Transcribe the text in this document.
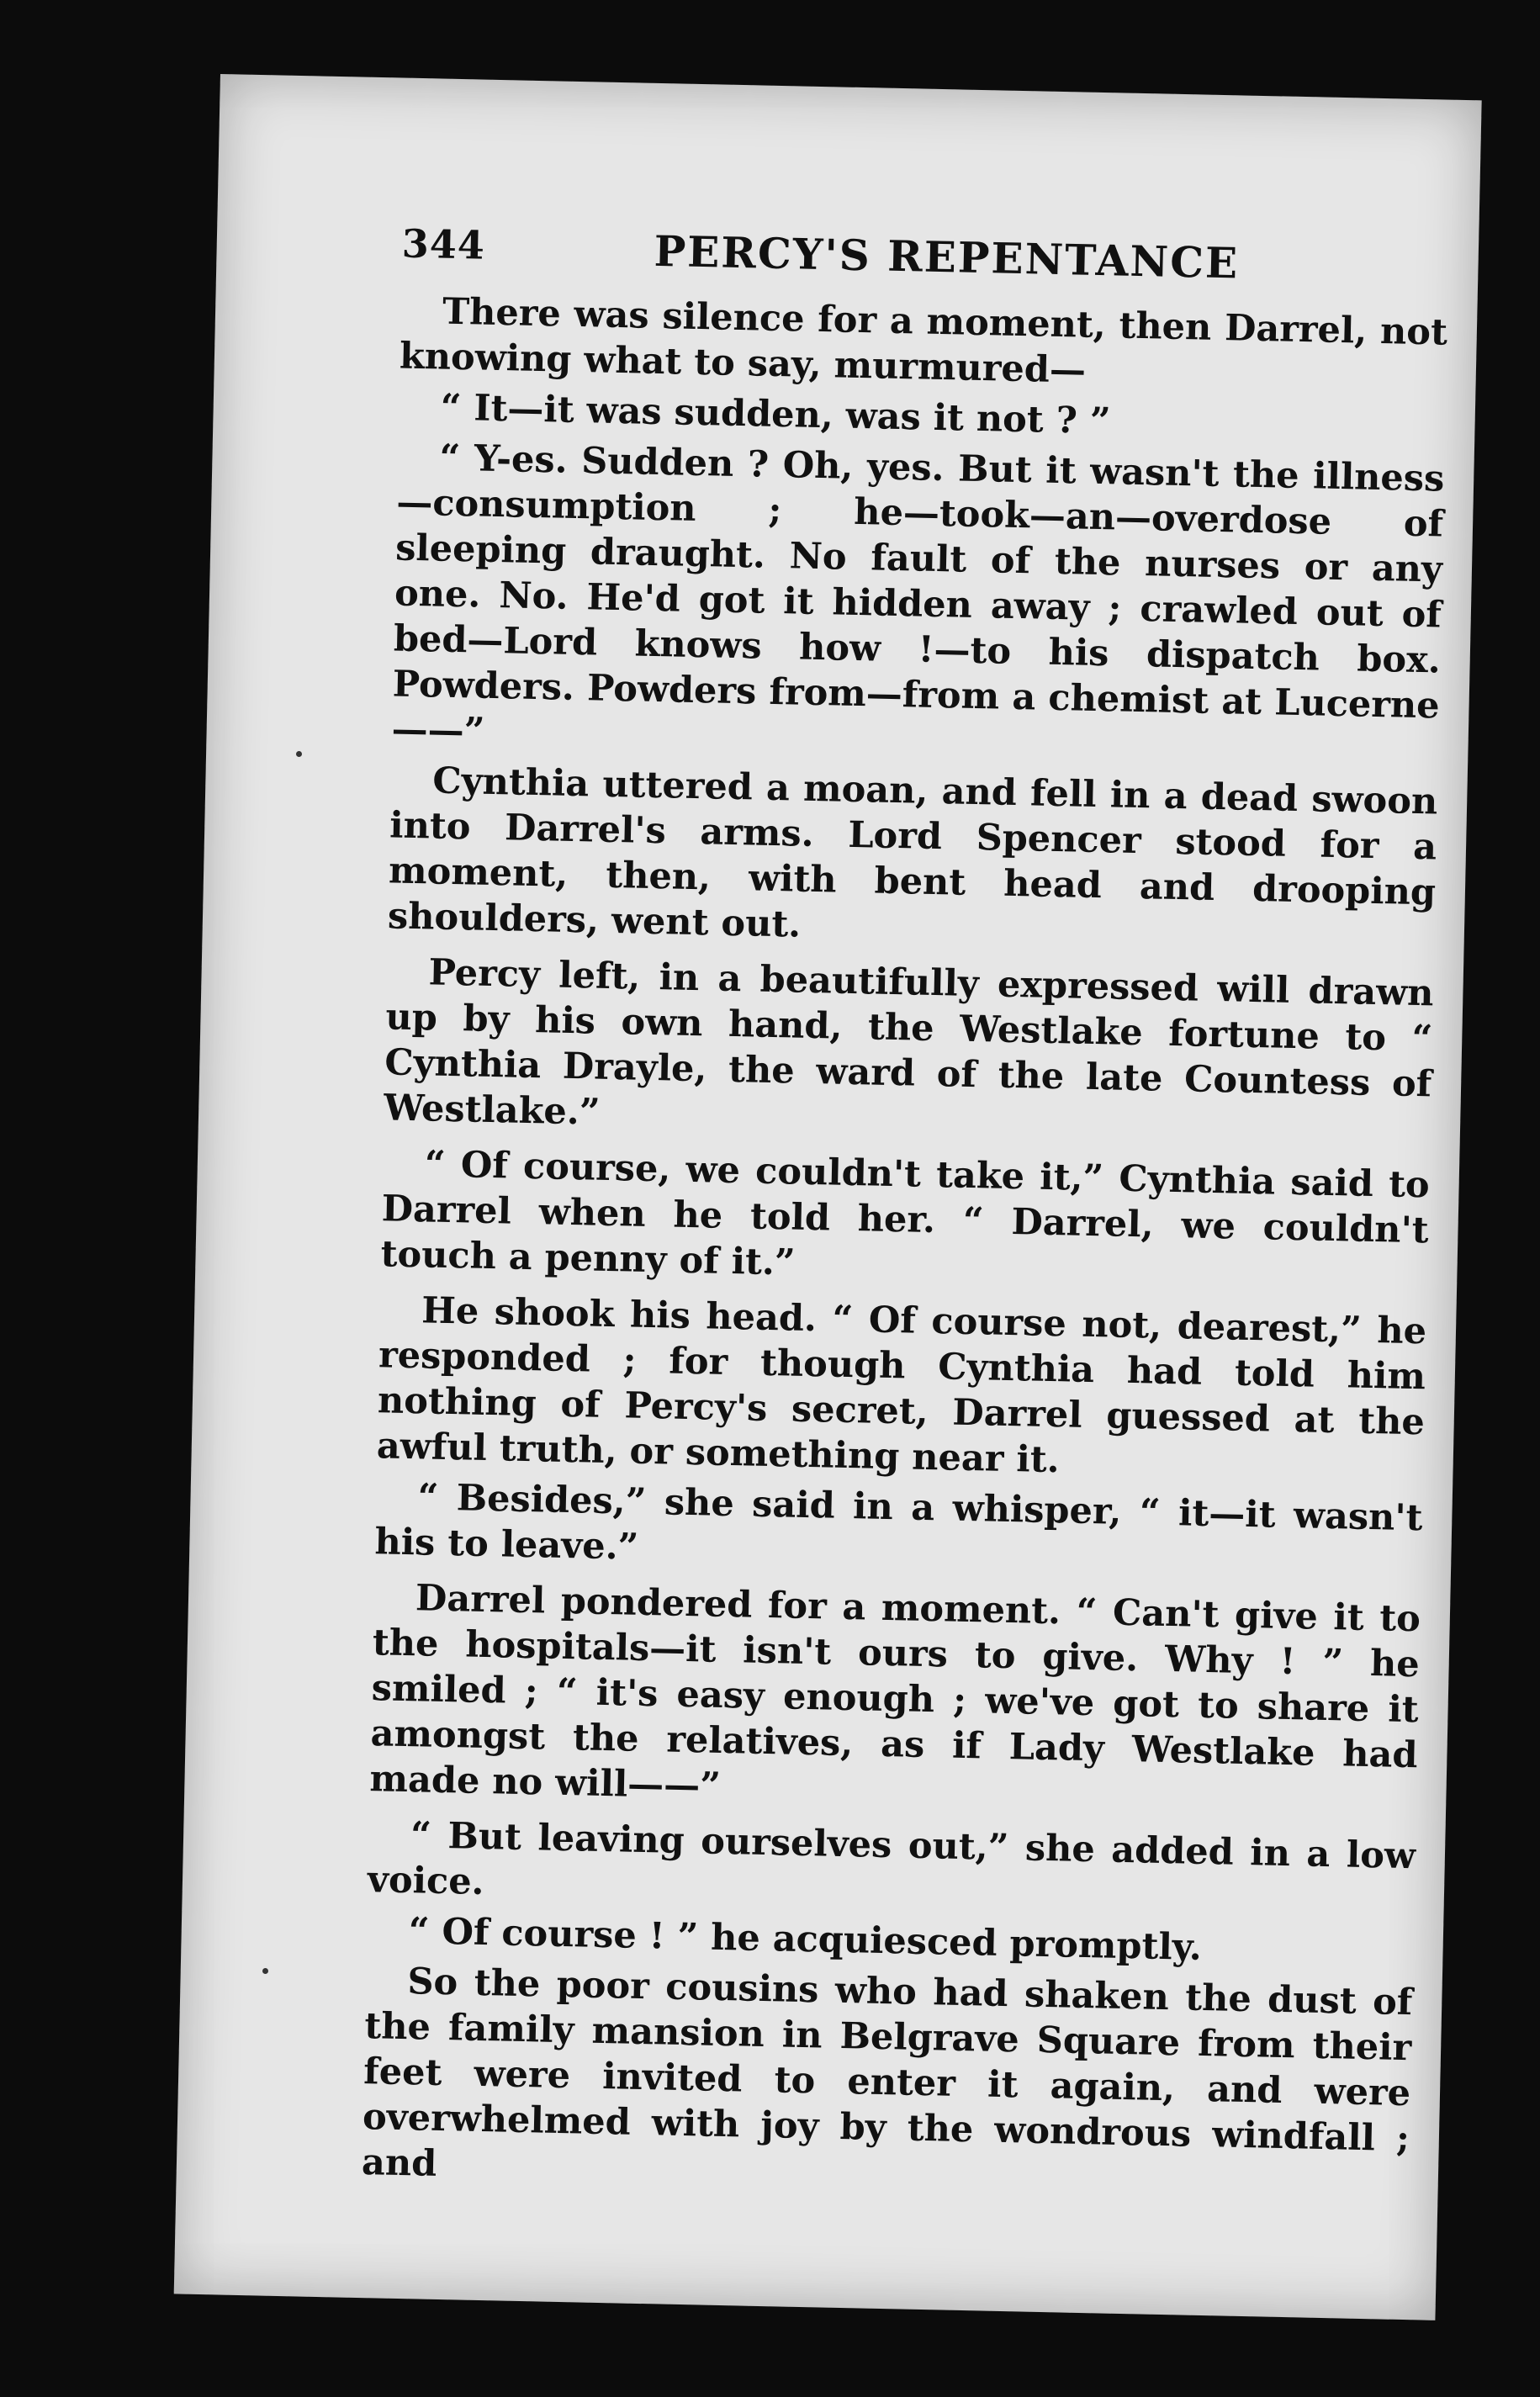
344	PERCY'S REPENTANCE

There was silence for a moment, then Darrel, not knowing what to say, murmured—

“ It—it was sudden, was it not ? ”

“ Y-es. Sudden ? Oh, yes. But it wasn't the illness—consumption ; he—took—an—overdose of sleeping draught. No fault of the nurses or any one. No. He'd got it hidden away ; crawled out of bed—Lord knows how !—to his dispatch box. Powders. Powders from—from a chemist at Lucerne——”

Cynthia uttered a moan, and fell in a dead swoon into Darrel's arms. Lord Spencer stood for a moment, then, with bent head and drooping shoulders, went out.

Percy left, in a beautifully expressed will drawn up by his own hand, the Westlake fortune to “ Cynthia Drayle, the ward of the late Countess of Westlake.”

“ Of course, we couldn't take it,” Cynthia said to Darrel when he told her. “ Darrel, we couldn't touch a penny of it.”

He shook his head. “ Of course not, dearest,” he responded ; for though Cynthia had told him nothing of Percy's secret, Darrel guessed at the awful truth, or something near it.

“ Besides,” she said in a whisper, “ it—it wasn't his to leave.”

Darrel pondered for a moment. “ Can't give it to the hospitals—it isn't ours to give. Why ! ” he smiled ; “ it's easy enough ; we've got to share it amongst the relatives, as if Lady Westlake had made no will——”

“ But leaving ourselves out,” she added in a low voice.

“ Of course ! ” he acquiesced promptly.

So the poor cousins who had shaken the dust of the family mansion in Belgrave Square from their feet were invited to enter it again, and were overwhelmed with joy by the wondrous windfall ; and
